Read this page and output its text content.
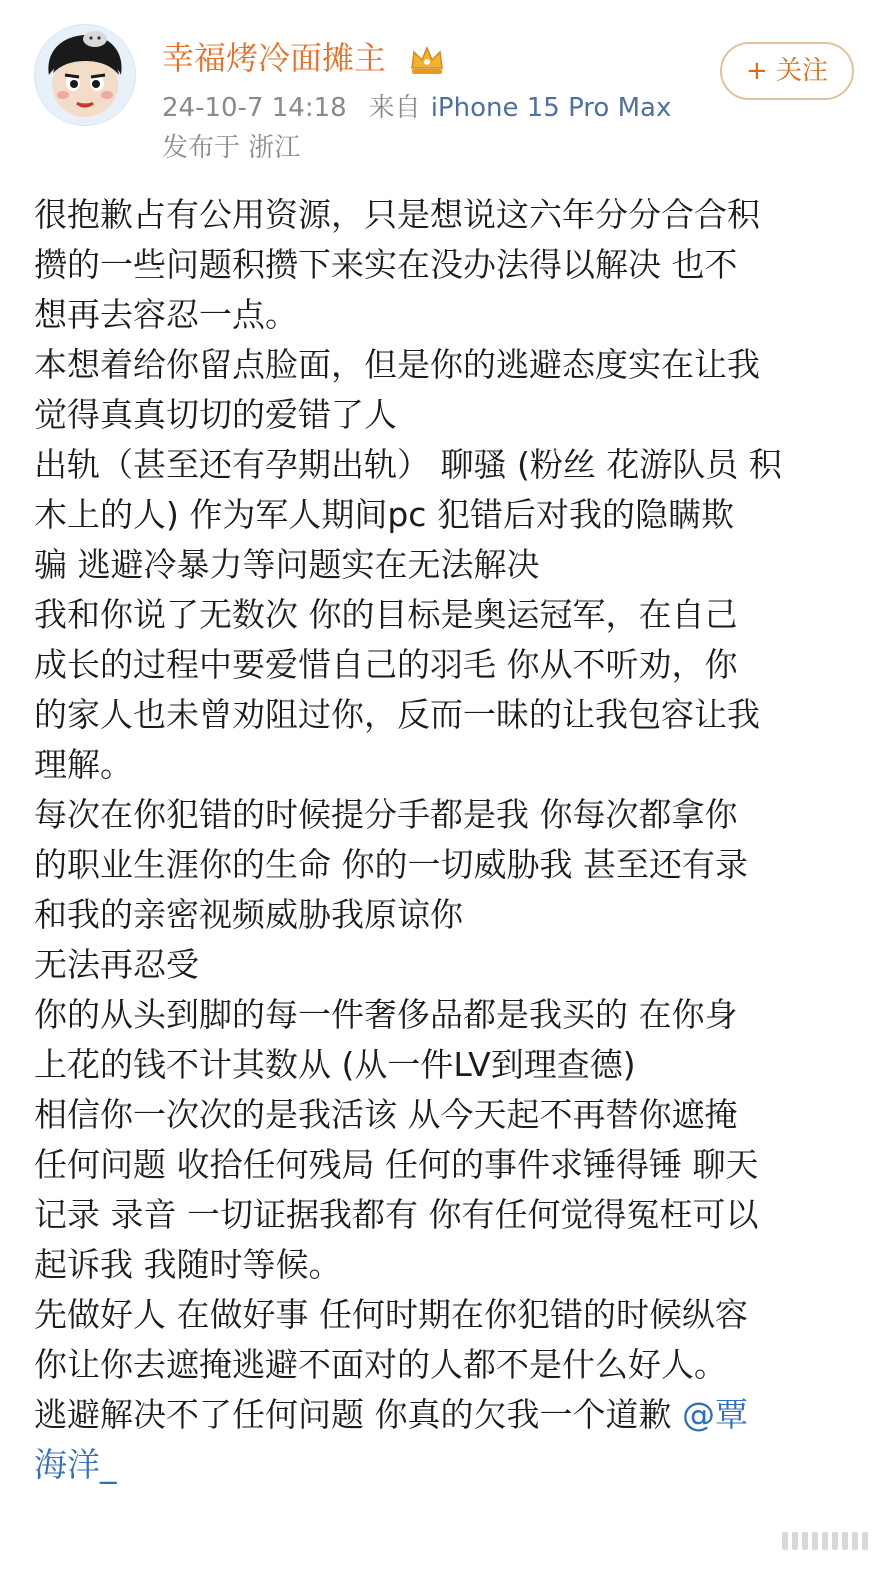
幸福烤冷面摊主
24-10-7 14:18 来自 iPhone 15 Pro Max
发布于 浙江
+ 关注
很抱歉占有公用资源，只是想说这六年分分合合积
攒的一些问题积攒下来实在没办法得以解决 也不
想再去容忍一点。
本想着给你留点脸面，但是你的逃避态度实在让我
觉得真真切切的爱错了人
出轨（甚至还有孕期出轨） 聊骚 (粉丝 花游队员 积
木上的人) 作为军人期间pc 犯错后对我的隐瞒欺
骗 逃避冷暴力等问题实在无法解决
我和你说了无数次 你的目标是奥运冠军，在自己
成长的过程中要爱惜自己的羽毛 你从不听劝，你
的家人也未曾劝阻过你，反而一昧的让我包容让我
理解。
每次在你犯错的时候提分手都是我 你每次都拿你
的职业生涯你的生命 你的一切威胁我 甚至还有录
和我的亲密视频威胁我原谅你
无法再忍受
你的从头到脚的每一件奢侈品都是我买的 在你身
上花的钱不计其数从 (从一件LV到理查德)
相信你一次次的是我活该 从今天起不再替你遮掩
任何问题 收拾任何残局 任何的事件求锤得锤 聊天
记录 录音 一切证据我都有 你有任何觉得冤枉可以
起诉我 我随时等候。
先做好人 在做好事 任何时期在你犯错的时候纵容
你让你去遮掩逃避不面对的人都不是什么好人。
逃避解决不了任何问题 你真的欠我一个道歉 @覃
海洋_
